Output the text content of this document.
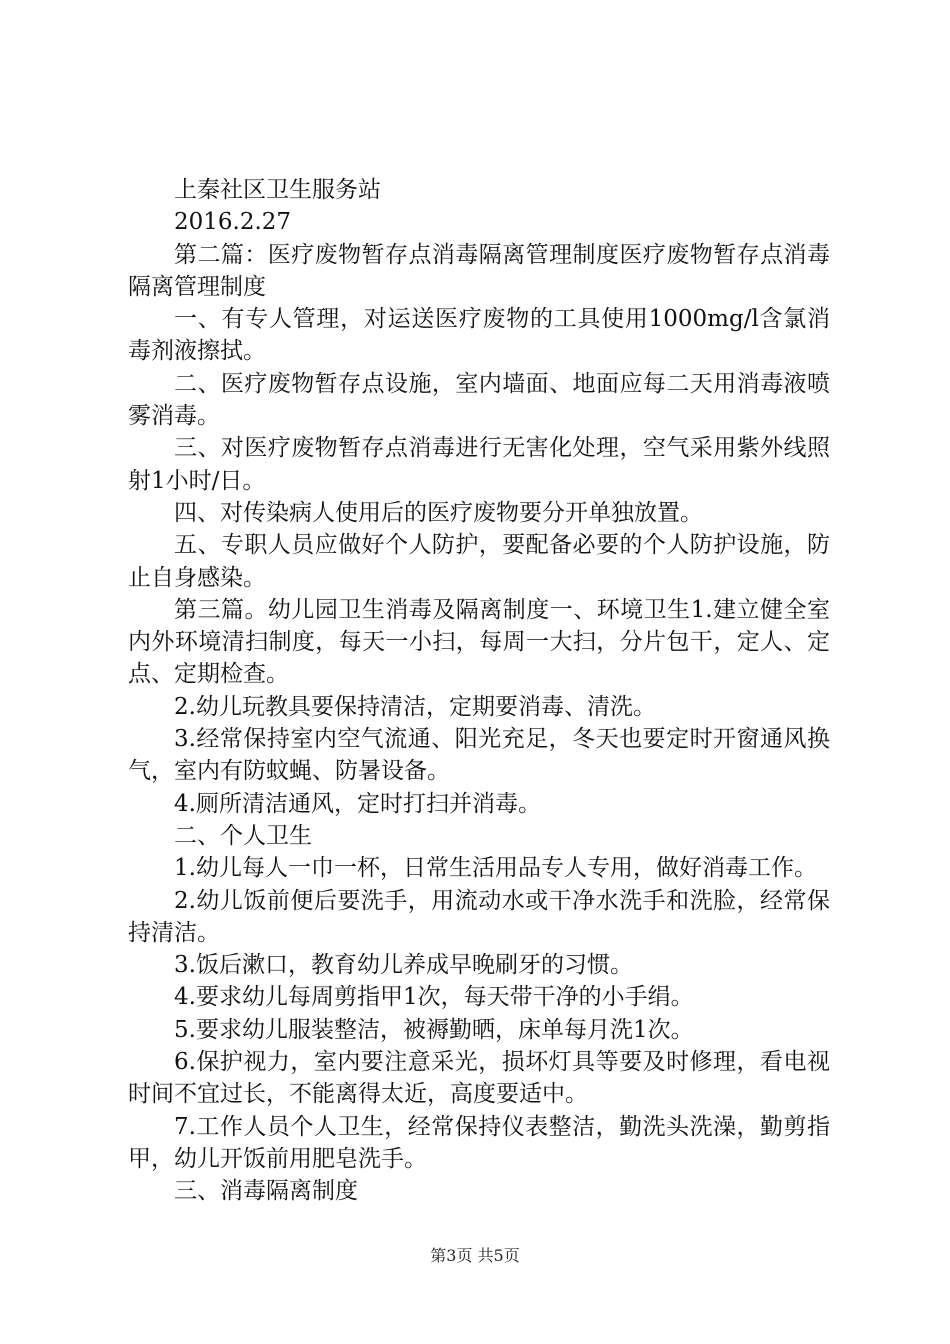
上秦社区卫生服务站

2016.2.27

第二篇：医疗废物暂存点消毒隔离管理制度医疗废物暂存点消毒隔离管理制度

一、有专人管理，对运送医疗废物的工具使用1000mg/l含氯消毒剂液擦拭。

二、医疗废物暂存点设施，室内墙面、地面应每二天用消毒液喷雾消毒。

三、对医疗废物暂存点消毒进行无害化处理，空气采用紫外线照射1小时/日。

四、对传染病人使用后的医疗废物要分开单独放置。

五、专职人员应做好个人防护，要配备必要的个人防护设施，防止自身感染。

第三篇。幼儿园卫生消毒及隔离制度一、环境卫生1.建立健全室内外环境清扫制度，每天一小扫，每周一大扫，分片包干，定人、定点、定期检查。

2.幼儿玩教具要保持清洁，定期要消毒、清洗。

3.经常保持室内空气流通、阳光充足，冬天也要定时开窗通风换气，室内有防蚊蝇、防暑设备。

4.厕所清洁通风，定时打扫并消毒。

二、个人卫生

1.幼儿每人一巾一杯，日常生活用品专人专用，做好消毒工作。

2.幼儿饭前便后要洗手，用流动水或干净水洗手和洗脸，经常保持清洁。

3.饭后漱口，教育幼儿养成早晚刷牙的习惯。

4.要求幼儿每周剪指甲1次，每天带干净的小手绢。

5.要求幼儿服装整洁，被褥勤晒，床单每月洗1次。

6.保护视力，室内要注意采光，损坏灯具等要及时修理，看电视时间不宜过长，不能离得太近，高度要适中。

7.工作人员个人卫生，经常保持仪表整洁，勤洗头洗澡，勤剪指甲，幼儿开饭前用肥皂洗手。

三、消毒隔离制度

第3页 共5页
